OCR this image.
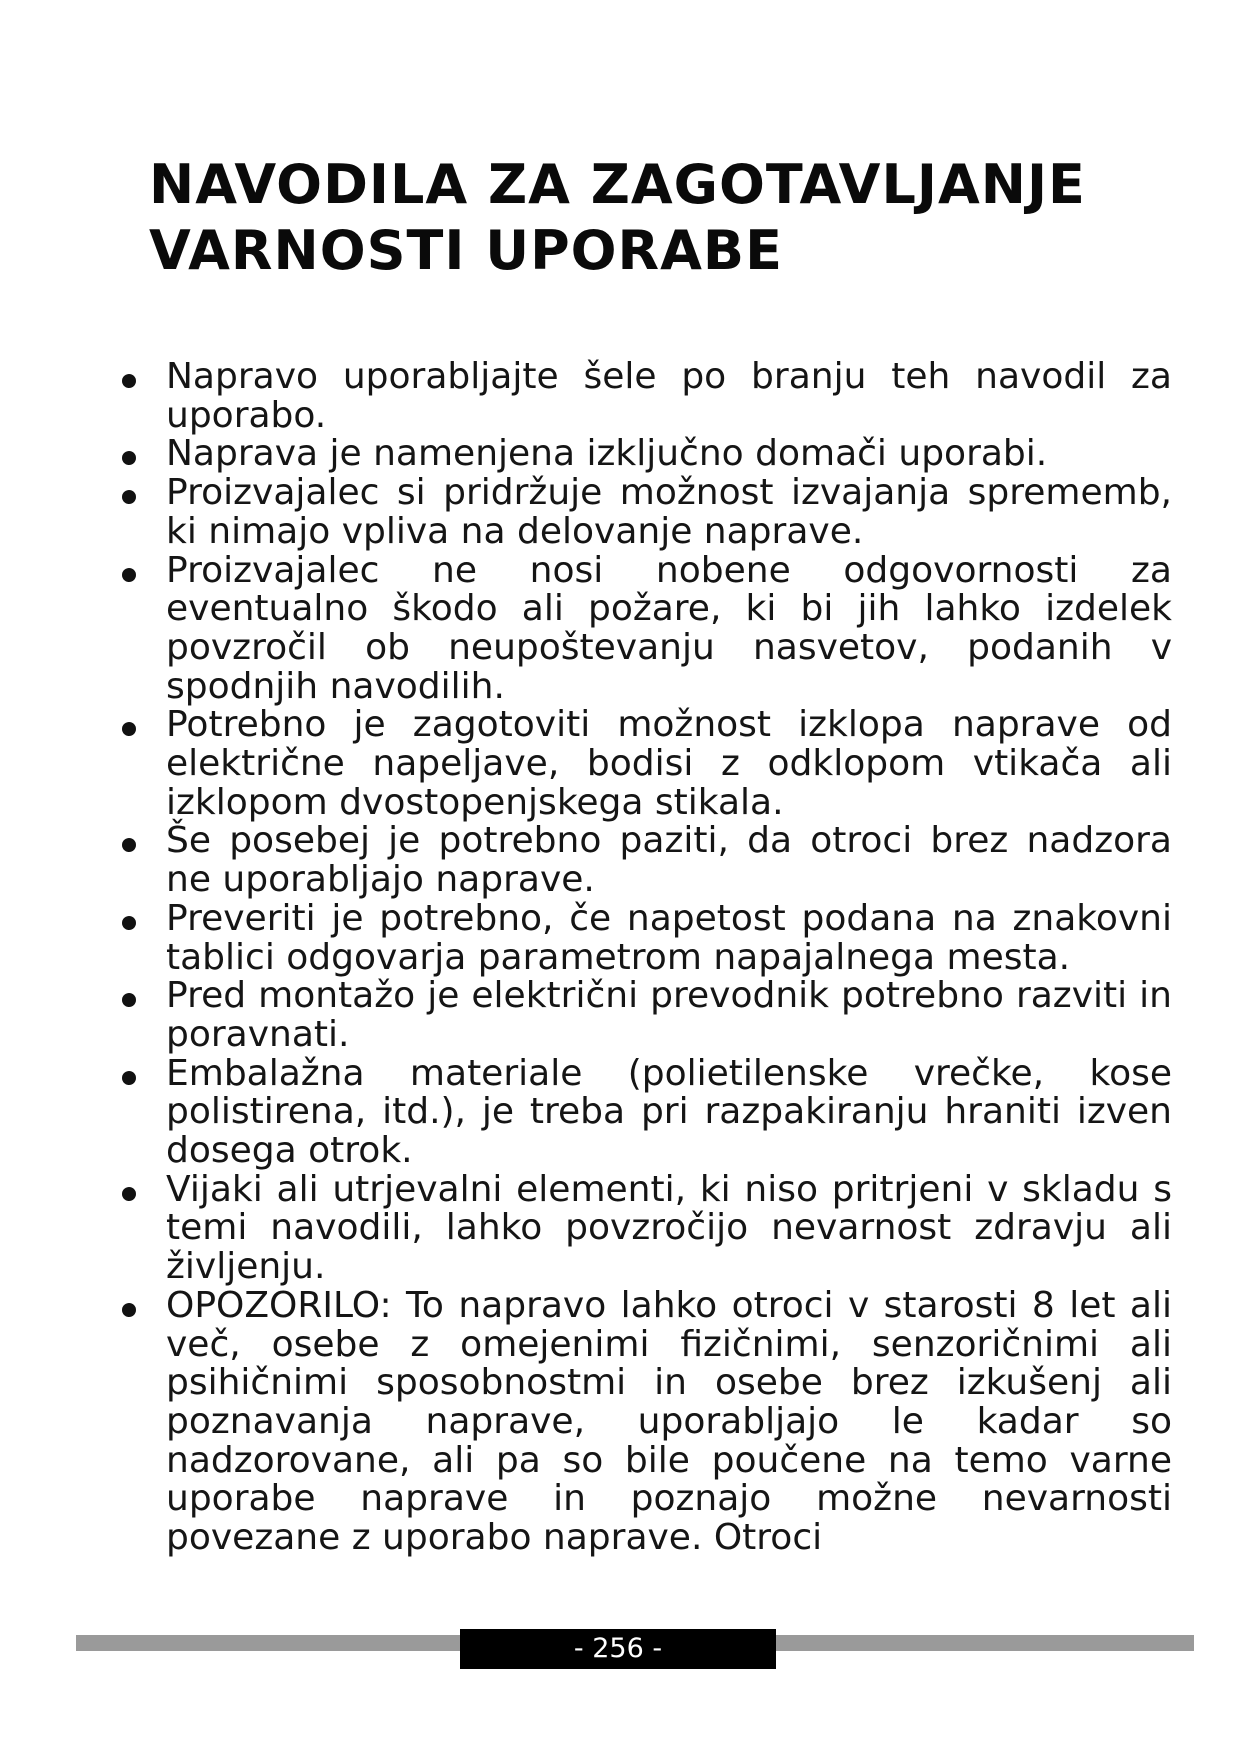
NAVODILA ZA ZAGOTAVLJANJE VARNOSTI UPORABE
Napravo uporabljajte šele po branju teh navodil za uporabo.
Naprava je namenjena izključno domači uporabi.
Proizvajalec si pridržuje možnost izvajanja sprememb, ki nimajo vpliva na delovanje naprave.
Proizvajalec ne nosi nobene odgovornosti za eventualno škodo ali požare, ki bi jih lahko izdelek povzročil ob neupoštevanju nasvetov, podanih v spodnjih navodilih.
Potrebno je zagotoviti možnost izklopa naprave od električne napeljave, bodisi z odklopom vtikača ali izklopom dvostopenjskega stikala.
Še posebej je potrebno paziti, da otroci brez nadzora ne uporabljajo naprave.
Preveriti je potrebno, če napetost podana na znakovni tablici odgovarja parametrom napajalnega mesta.
Pred montažo je električni prevodnik potrebno razviti in poravnati.
Embalažna materiale (polietilenske vrečke, kose polistirena, itd.), je treba pri razpakiranju hraniti izven dosega otrok.
Vijaki ali utrjevalni elementi, ki niso pritrjeni v skladu s temi navodili, lahko povzročijo nevarnost zdravju ali življenju.
OPOZORILO: To napravo lahko otroci v starosti 8 let ali več, osebe z omejenimi fizičnimi, senzoričnimi ali psihičnimi sposobnostmi in osebe brez izkušenj ali poznavanja naprave, uporabljajo le kadar so nadzorovane, ali pa so bile poučene na temo varne uporabe naprave in poznajo možne nevarnosti povezane z uporabo naprave. Otroci
- 256 -
